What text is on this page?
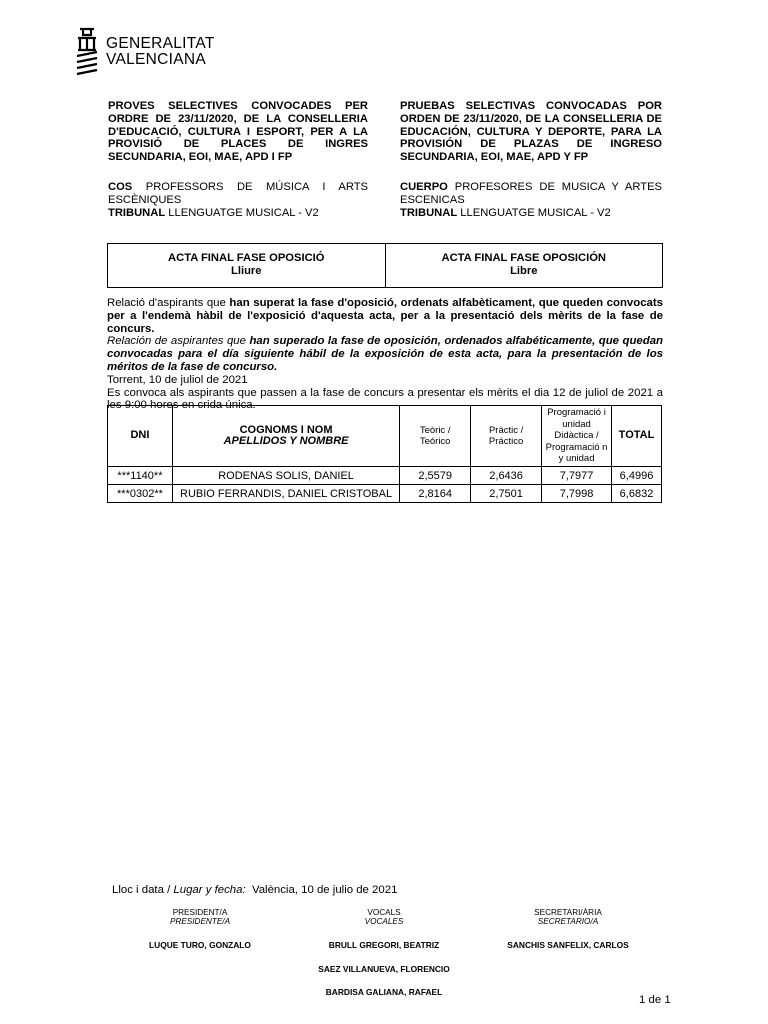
GENERALITAT
VALENCIANA
PROVES SELECTIVES CONVOCADES PER ORDRE DE 23/11/2020, DE LA CONSELLERIA D'EDUCACIÓ, CULTURA I ESPORT, PER A LA PROVISIÓ DE PLACES DE INGRES SECUNDARIA, EOI, MAE, APD I FP
COS PROFESSORS DE MÚSICA I ARTS ESCÈNIQUES
TRIBUNAL LLENGUATGE MUSICAL - V2
PRUEBAS SELECTIVAS CONVOCADAS POR ORDEN DE 23/11/2020, DE LA CONSELLERIA DE EDUCACIÓN, CULTURA Y DEPORTE, PARA LA PROVISIÓN DE PLAZAS DE INGRESO SECUNDARIA, EOI, MAE, APD Y FP
CUERPO PROFESORES DE MUSICA Y ARTES ESCENICAS
TRIBUNAL LLENGUATGE MUSICAL - V2
ACTA FINAL FASE OPOSICIÓ
Lliure
ACTA FINAL FASE OPOSICIÓN
Libre
Relació d'aspirants que han superat la fase d'oposició, ordenats alfabèticament, que queden convocats per a l'endemà hàbil de l'exposició d'aquesta acta, per a la presentació dels mèrits de la fase de concurs.
Relación de aspirantes que han superado la fase de oposición, ordenados alfabéticamente, que quedan convocadas para el día siguiente hábil de la exposición de esta acta, para la presentación de los méritos de la fase de concurso.
Torrent, 10 de juliol de 2021
Es convoca als aspirants que passen a la fase de concurs a presentar els mèrits el dia 12 de juliol de 2021 a les 9:00 hores en crida única.
DNI	COGNOMS I NOM
APELLIDOS Y NOMBRE	Teòric / Teórico	Pràctic / Práctico	Programació i unidad Didàctica / Programació n y unidad	TOTAL
***1140**	RODENAS SOLIS, DANIEL	2,5579	2,6436	7,7977	6,4996
***0302**	RUBIO FERRANDIS, DANIEL CRISTOBAL	2,8164	2,7501	7,7998	6,6832
Lloc i data / Lugar y fecha: València, 10 de julio de 2021
PRESIDENT/A
PRESIDENTE/A
VOCALS
VOCALES
SECRETARI/ÀRIA
SECRETARIO/A
LUQUE TURO, GONZALO	BRULL GREGORI, BEATRIZ	SANCHIS SANFELIX, CARLOS
SAEZ VILLANUEVA, FLORENCIO
BARDISA GALIANA, RAFAEL
1 de 1
